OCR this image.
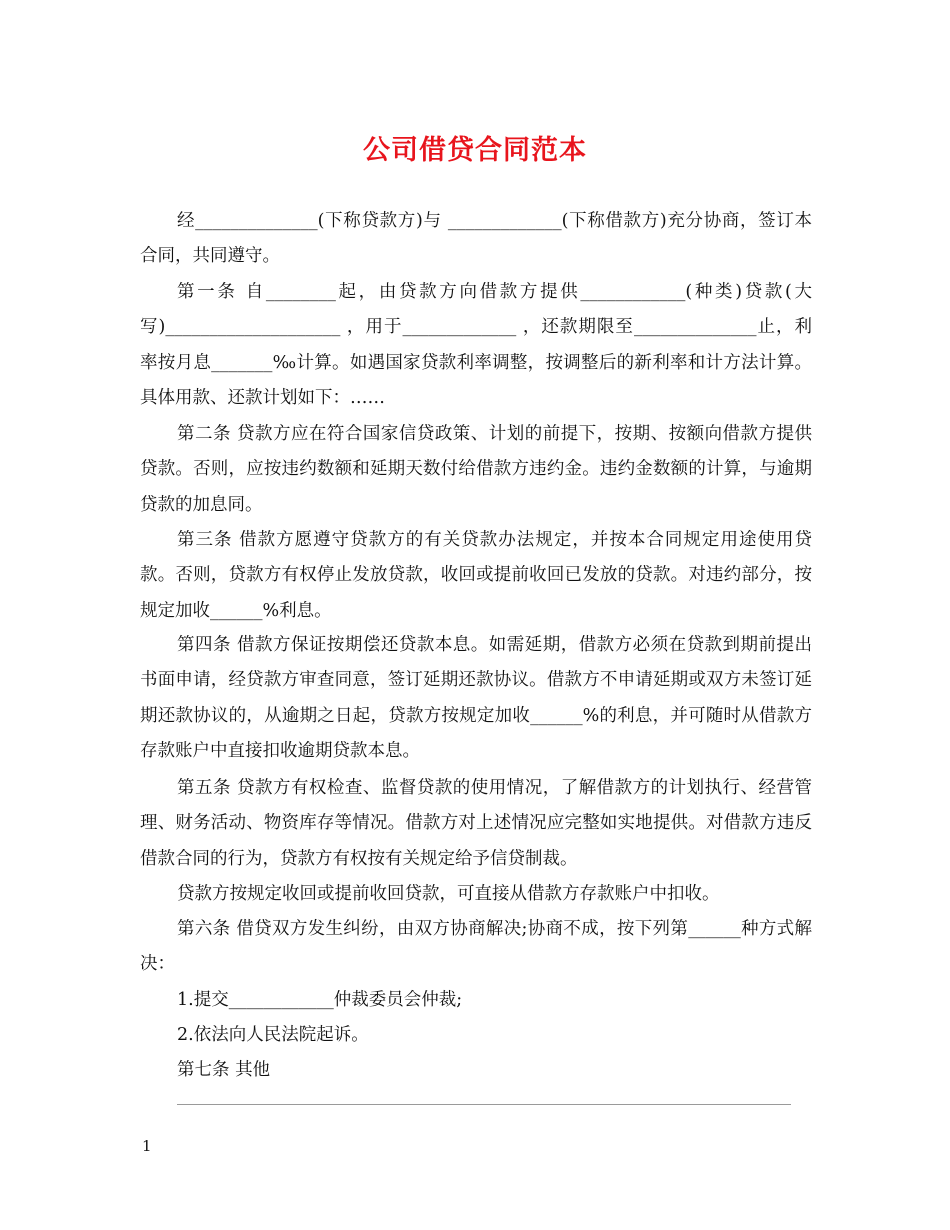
公司借贷合同范本
经______________(下称贷款方)与 _____________(下称借款方)充分协商，签订本合同，共同遵守。
第一条 自________起，由贷款方向借款方提供____________(种类)贷款(大写)____________________ ，用于_____________ ，还款期限至______________止，利率按月息_______‰计算。如遇国家贷款利率调整，按调整后的新利率和计方法计算。具体用款、还款计划如下：……
第二条 贷款方应在符合国家信贷政策、计划的前提下，按期、按额向借款方提供贷款。否则，应按违约数额和延期天数付给借款方违约金。违约金数额的计算，与逾期贷款的加息同。
第三条 借款方愿遵守贷款方的有关贷款办法规定，并按本合同规定用途使用贷款。否则，贷款方有权停止发放贷款，收回或提前收回已发放的贷款。对违约部分，按规定加收______%利息。
第四条 借款方保证按期偿还贷款本息。如需延期，借款方必须在贷款到期前提出书面申请，经贷款方审查同意，签订延期还款协议。借款方不申请延期或双方未签订延期还款协议的，从逾期之日起，贷款方按规定加收______%的利息，并可随时从借款方存款账户中直接扣收逾期贷款本息。
第五条 贷款方有权检查、监督贷款的使用情况，了解借款方的计划执行、经营管理、财务活动、物资库存等情况。借款方对上述情况应完整如实地提供。对借款方违反借款合同的行为，贷款方有权按有关规定给予信贷制裁。
贷款方按规定收回或提前收回贷款，可直接从借款方存款账户中扣收。
第六条 借贷双方发生纠纷，由双方协商解决;协商不成，按下列第______种方式解决：
1.提交____________仲裁委员会仲裁;
2.依法向人民法院起诉。
第七条 其他
1
